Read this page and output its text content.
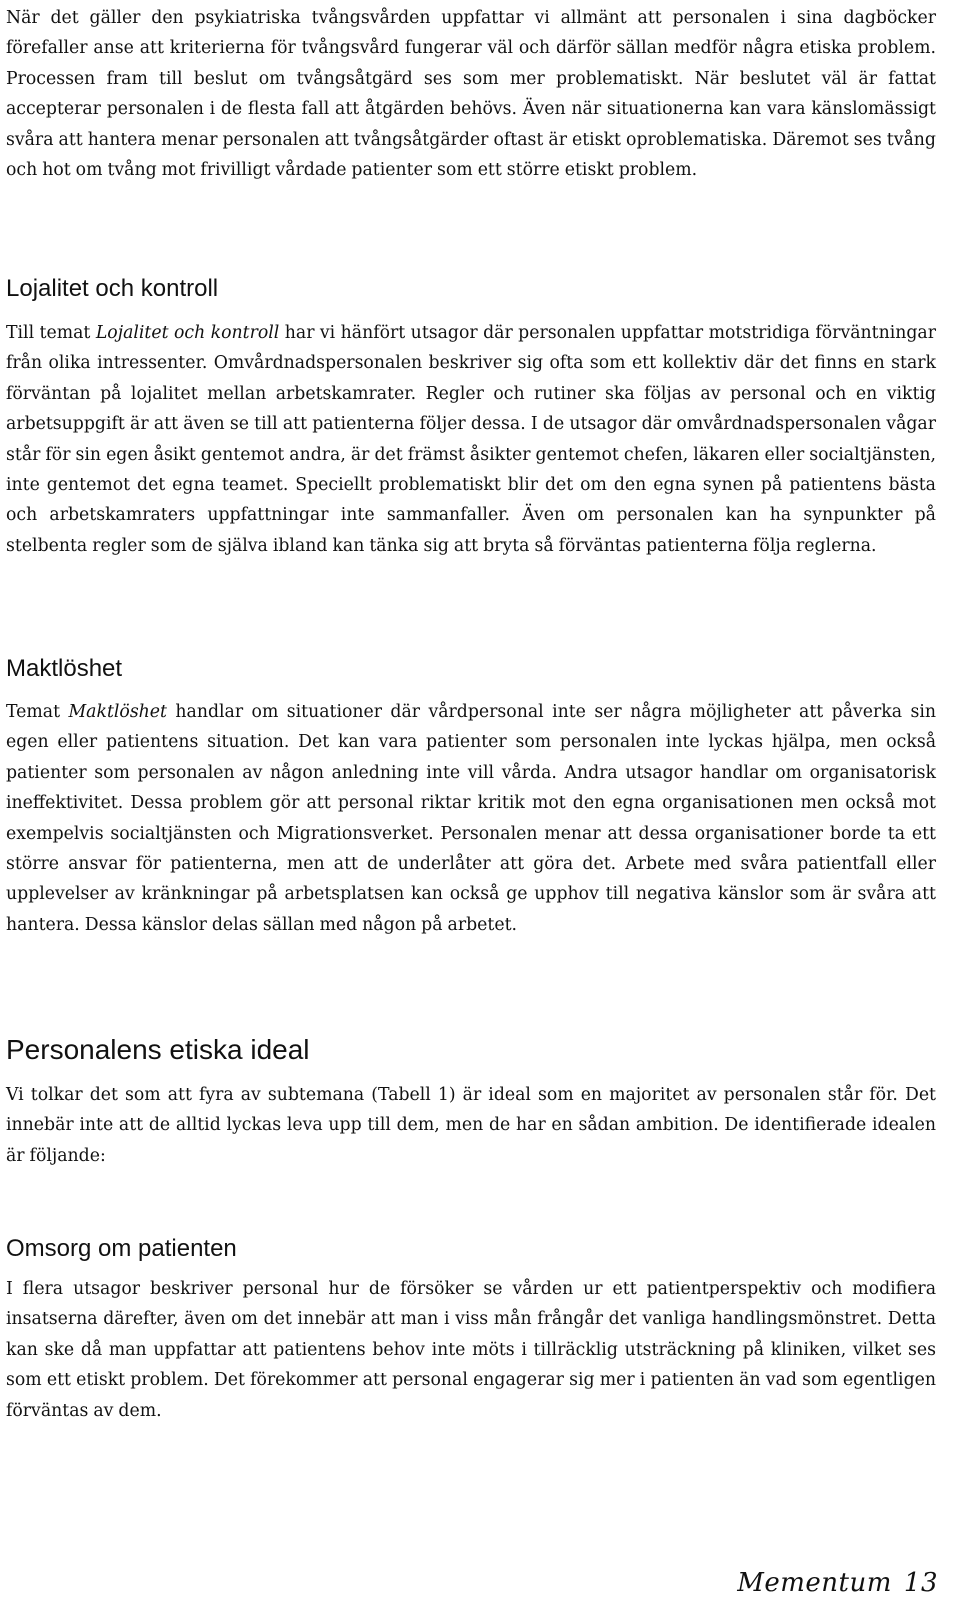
När det gäller den psykiatriska tvångsvården uppfattar vi allmänt att personalen i sina dagböcker förefaller anse att kriterierna för tvångsvård fungerar väl och därför sällan medför några etiska problem. Processen fram till beslut om tvångsåtgärd ses som mer problematiskt. När beslutet väl är fattat accepterar personalen i de flesta fall att åtgärden behövs. Även när situationerna kan vara känslomässigt svåra att hantera menar personalen att tvångsåtgärder oftast är etiskt oproblematiska. Däremot ses tvång och hot om tvång mot frivilligt vårdade patienter som ett större etiskt problem.

Lojalitet och kontroll

Till temat Lojalitet och kontroll har vi hänfört utsagor där personalen uppfattar motstridiga förväntningar från olika intressenter. Omvårdnadspersonalen beskriver sig ofta som ett kollektiv där det finns en stark förväntan på lojalitet mellan arbetskamrater. Regler och rutiner ska följas av personal och en viktig arbetsuppgift är att även se till att patienterna följer dessa. I de utsagor där omvårdnadspersonalen vågar står för sin egen åsikt gentemot andra, är det främst åsikter gentemot chefen, läkaren eller socialtjänsten, inte gentemot det egna teamet. Speciellt problematiskt blir det om den egna synen på patientens bästa och arbetskamraters uppfattningar inte sammanfaller. Även om personalen kan ha synpunkter på stelbenta regler som de själva ibland kan tänka sig att bryta så förväntas patienterna följa reglerna.

Maktlöshet

Temat Maktlöshet handlar om situationer där vårdpersonal inte ser några möjligheter att påverka sin egen eller patientens situation. Det kan vara patienter som personalen inte lyckas hjälpa, men också patienter som personalen av någon anledning inte vill vårda. Andra utsagor handlar om organisatorisk ineffektivitet. Dessa problem gör att personal riktar kritik mot den egna organisationen men också mot exempelvis socialtjänsten och Migrationsverket. Personalen menar att dessa organisationer borde ta ett större ansvar för patienterna, men att de underlåter att göra det. Arbete med svåra patientfall eller upplevelser av kränkningar på arbetsplatsen kan också ge upphov till negativa känslor som är svåra att hantera. Dessa känslor delas sällan med någon på arbetet.

Personalens etiska ideal

Vi tolkar det som att fyra av subtemana (Tabell 1) är ideal som en majoritet av personalen står för. Det innebär inte att de alltid lyckas leva upp till dem, men de har en sådan ambition. De identifierade idealen är följande:

Omsorg om patienten

I flera utsagor beskriver personal hur de försöker se vården ur ett patientperspektiv och modifiera insatserna därefter, även om det innebär att man i viss mån frångår det vanliga handlingsmönstret. Detta kan ske då man uppfattar att patientens behov inte möts i tillräcklig utsträckning på kliniken, vilket ses som ett etiskt problem. Det förekommer att personal engagerar sig mer i patienten än vad som egentligen förväntas av dem.

Mementum 13
